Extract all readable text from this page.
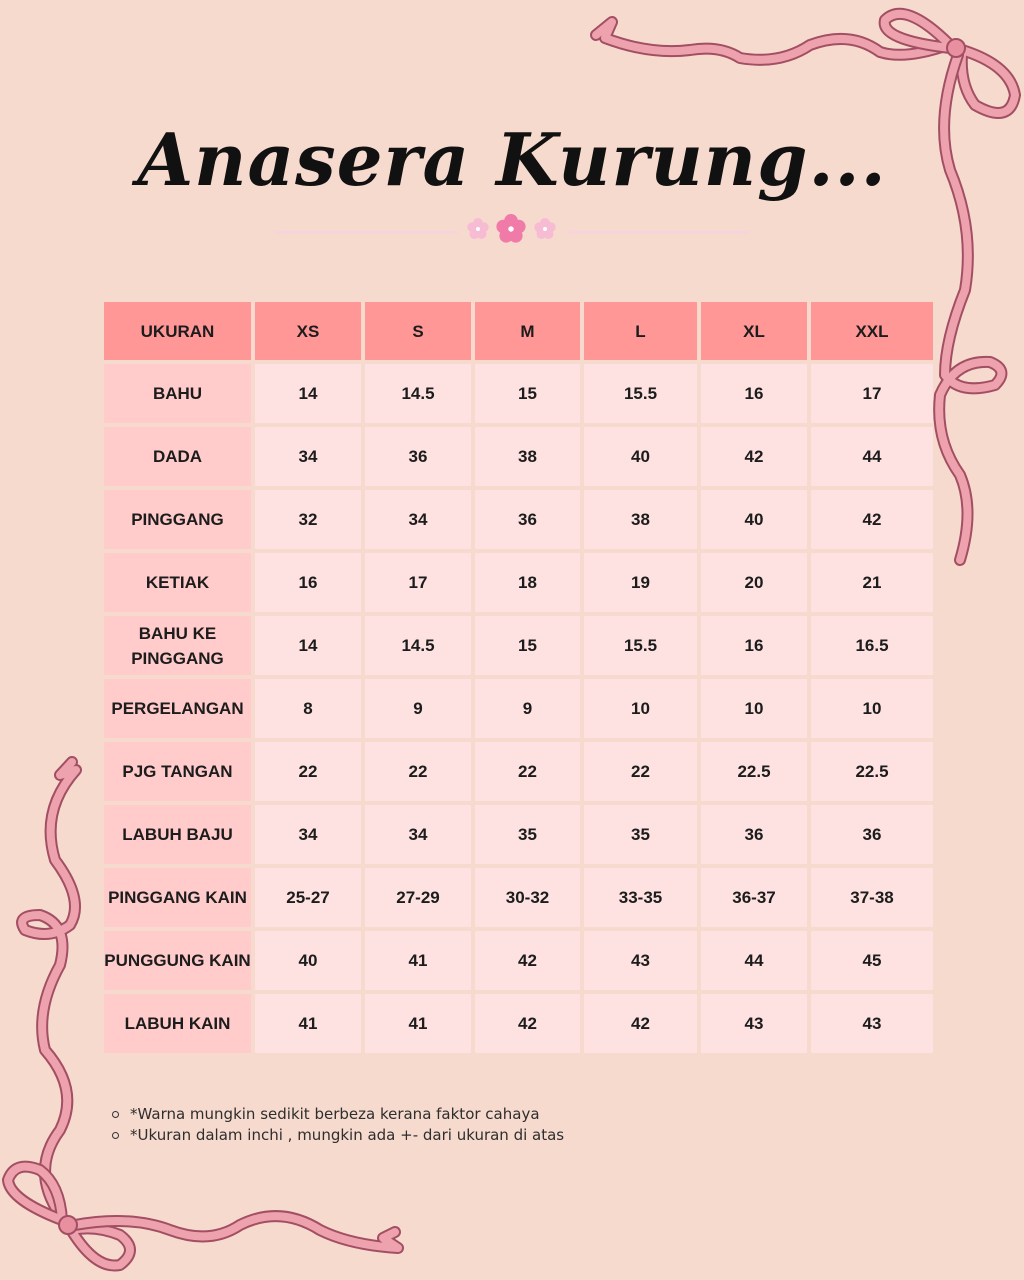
Anasera Kurung...
UKURAN	XS	S	M	L	XL	XXL
BAHU	14	14.5	15	15.5	16	17
DADA	34	36	38	40	42	44
PINGGANG	32	34	36	38	40	42
KETIAK	16	17	18	19	20	21
BAHU KE PINGGANG	14	14.5	15	15.5	16	16.5
PERGELANGAN	8	9	9	10	10	10
PJG TANGAN	22	22	22	22	22.5	22.5
LABUH BAJU	34	34	35	35	36	36
PINGGANG KAIN	25-27	27-29	30-32	33-35	36-37	37-38
PUNGGUNG KAIN	40	41	42	43	44	45
LABUH KAIN	41	41	42	42	43	43
*Warna mungkin sedikit berbeza kerana faktor cahaya
*Ukuran dalam inchi , mungkin ada +- dari ukuran di atas
